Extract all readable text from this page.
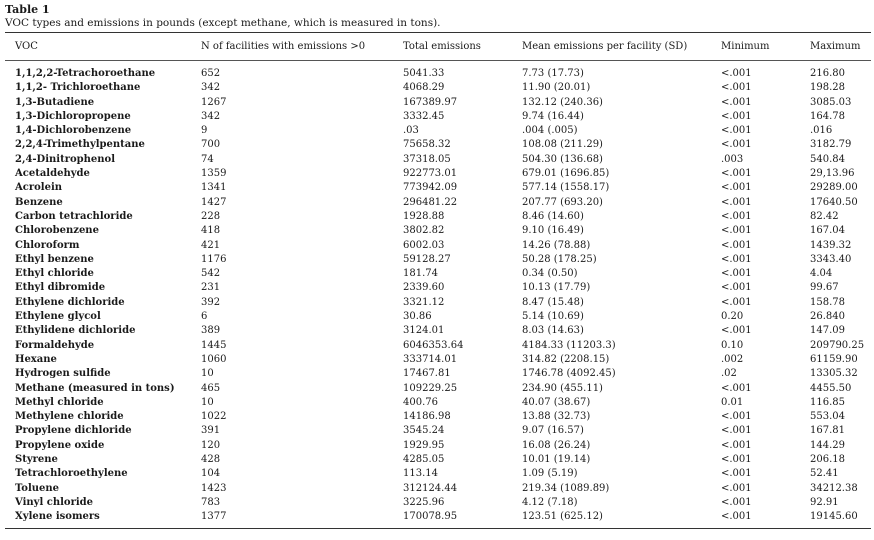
Table 1
VOC types and emissions in pounds (except methane, which is measured in tons).
VOC	N of facilities with emissions >0	Total emissions	Mean emissions per facility (SD)	Minimum	Maximum
1,1,2,2-Tetrachoroethane	652	5041.33	7.73 (17.73)	<.001	216.80
1,1,2- Trichloroethane	342	4068.29	11.90 (20.01)	<.001	198.28
1,3-Butadiene	1267	167389.97	132.12 (240.36)	<.001	3085.03
1,3-Dichloropropene	342	3332.45	9.74 (16.44)	<.001	164.78
1,4-Dichlorobenzene	9	.03	.004 (.005)	<.001	.016
2,2,4-Trimethylpentane	700	75658.32	108.08 (211.29)	<.001	3182.79
2,4-Dinitrophenol	74	37318.05	504.30 (136.68)	.003	540.84
Acetaldehyde	1359	922773.01	679.01 (1696.85)	<.001	29,13.96
Acrolein	1341	773942.09	577.14 (1558.17)	<.001	29289.00
Benzene	1427	296481.22	207.77 (693.20)	<.001	17640.50
Carbon tetrachloride	228	1928.88	8.46 (14.60)	<.001	82.42
Chlorobenzene	418	3802.82	9.10 (16.49)	<.001	167.04
Chloroform	421	6002.03	14.26 (78.88)	<.001	1439.32
Ethyl benzene	1176	59128.27	50.28 (178.25)	<.001	3343.40
Ethyl chloride	542	181.74	0.34 (0.50)	<.001	4.04
Ethyl dibromide	231	2339.60	10.13 (17.79)	<.001	99.67
Ethylene dichloride	392	3321.12	8.47 (15.48)	<.001	158.78
Ethylene glycol	6	30.86	5.14 (10.69)	0.20	26.840
Ethylidene dichloride	389	3124.01	8.03 (14.63)	<.001	147.09
Formaldehyde	1445	6046353.64	4184.33 (11203.3)	0.10	209790.25
Hexane	1060	333714.01	314.82 (2208.15)	.002	61159.90
Hydrogen sulfide	10	17467.81	1746.78 (4092.45)	.02	13305.32
Methane (measured in tons)	465	109229.25	234.90 (455.11)	<.001	4455.50
Methyl chloride	10	400.76	40.07 (38.67)	0.01	116.85
Methylene chloride	1022	14186.98	13.88 (32.73)	<.001	553.04
Propylene dichloride	391	3545.24	9.07 (16.57)	<.001	167.81
Propylene oxide	120	1929.95	16.08 (26.24)	<.001	144.29
Styrene	428	4285.05	10.01 (19.14)	<.001	206.18
Tetrachloroethylene	104	113.14	1.09 (5.19)	<.001	52.41
Toluene	1423	312124.44	219.34 (1089.89)	<.001	34212.38
Vinyl chloride	783	3225.96	4.12 (7.18)	<.001	92.91
Xylene isomers	1377	170078.95	123.51 (625.12)	<.001	19145.60
